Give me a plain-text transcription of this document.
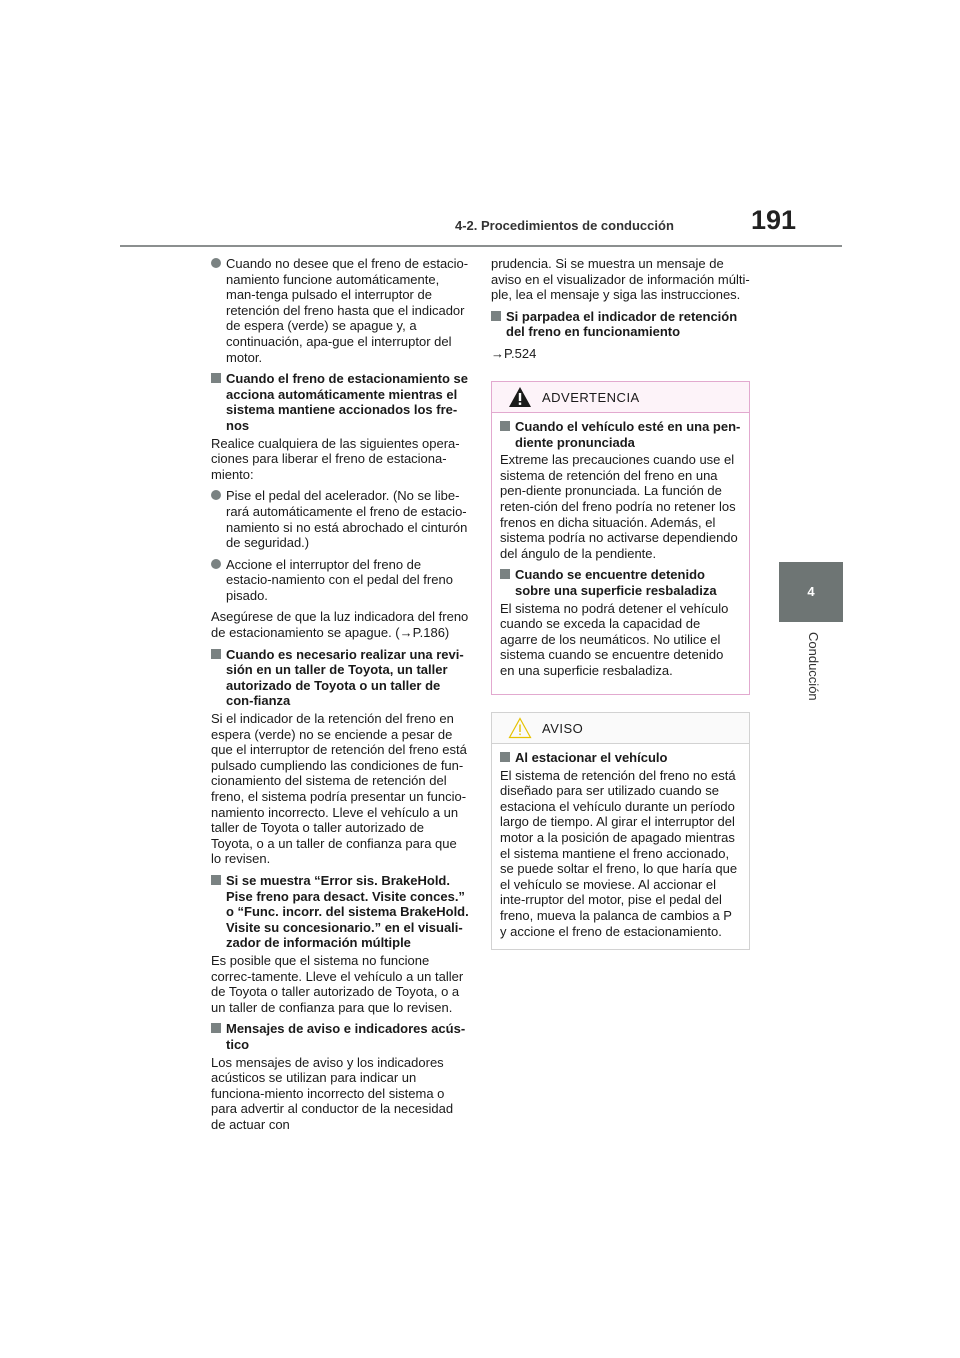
4-2. Procedimientos de conducción	191
4
Conducción
Cuando no desee que el freno de estacio-namiento funcione automáticamente, man-tenga pulsado el interruptor de retención del freno hasta que el indicador de espera (verde) se apague y, a continuación, apa-gue el interruptor del motor.
Cuando el freno de estacionamiento se acciona automáticamente mientras el sistema mantiene accionados los fre-nos
Realice cualquiera de las siguientes opera-ciones para liberar el freno de estaciona-miento:
Pise el pedal del acelerador. (No se libe-rará automáticamente el freno de estacio-namiento si no está abrochado el cinturón de seguridad.)
Accione el interruptor del freno de estacio-namiento con el pedal del freno pisado.
Asegúrese de que la luz indicadora del freno de estacionamiento se apague. (→P.186)
Cuando es necesario realizar una revi-sión en un taller de Toyota, un taller autorizado de Toyota o un taller de con-fianza
Si el indicador de la retención del freno en espera (verde) no se enciende a pesar de que el interruptor de retención del freno está pulsado cumpliendo las condiciones de fun-cionamiento del sistema de retención del freno, el sistema podría presentar un funcio-namiento incorrecto. Lleve el vehículo a un taller de Toyota o taller autorizado de Toyota, o a un taller de confianza para que lo revisen.
Si se muestra “Error sis. BrakeHold. Pise freno para desact. Visite conces.” o “Func. incorr. del sistema BrakeHold. Visite su concesionario.” en el visuali-zador de información múltiple
Es posible que el sistema no funcione correc-tamente. Lleve el vehículo a un taller de Toyota o taller autorizado de Toyota, o a un taller de confianza para que lo revisen.
Mensajes de aviso e indicadores acús-tico
Los mensajes de aviso y los indicadores acústicos se utilizan para indicar un funciona-miento incorrecto del sistema o para advertir al conductor de la necesidad de actuar con
prudencia. Si se muestra un mensaje de aviso en el visualizador de información múlti-ple, lea el mensaje y siga las instrucciones.
Si parpadea el indicador de retención del freno en funcionamiento
→P.524
ADVERTENCIA
Cuando el vehículo esté en una pen-diente pronunciada
Extreme las precauciones cuando use el sistema de retención del freno en una pen-diente pronunciada. La función de reten-ción del freno podría no retener los frenos en dicha situación. Además, el sistema podría no activarse dependiendo del ángulo de la pendiente.
Cuando se encuentre detenido sobre una superficie resbaladiza
El sistema no podrá detener el vehículo cuando se exceda la capacidad de agarre de los neumáticos. No utilice el sistema cuando se encuentre detenido en una superficie resbaladiza.
AVISO
Al estacionar el vehículo
El sistema de retención del freno no está diseñado para ser utilizado cuando se estaciona el vehículo durante un período largo de tiempo. Al girar el interruptor del motor a la posición de apagado mientras el sistema mantiene el freno accionado, se puede soltar el freno, lo que haría que el vehículo se moviese. Al accionar el inte-rruptor del motor, pise el pedal del freno, mueva la palanca de cambios a P y accione el freno de estacionamiento.
